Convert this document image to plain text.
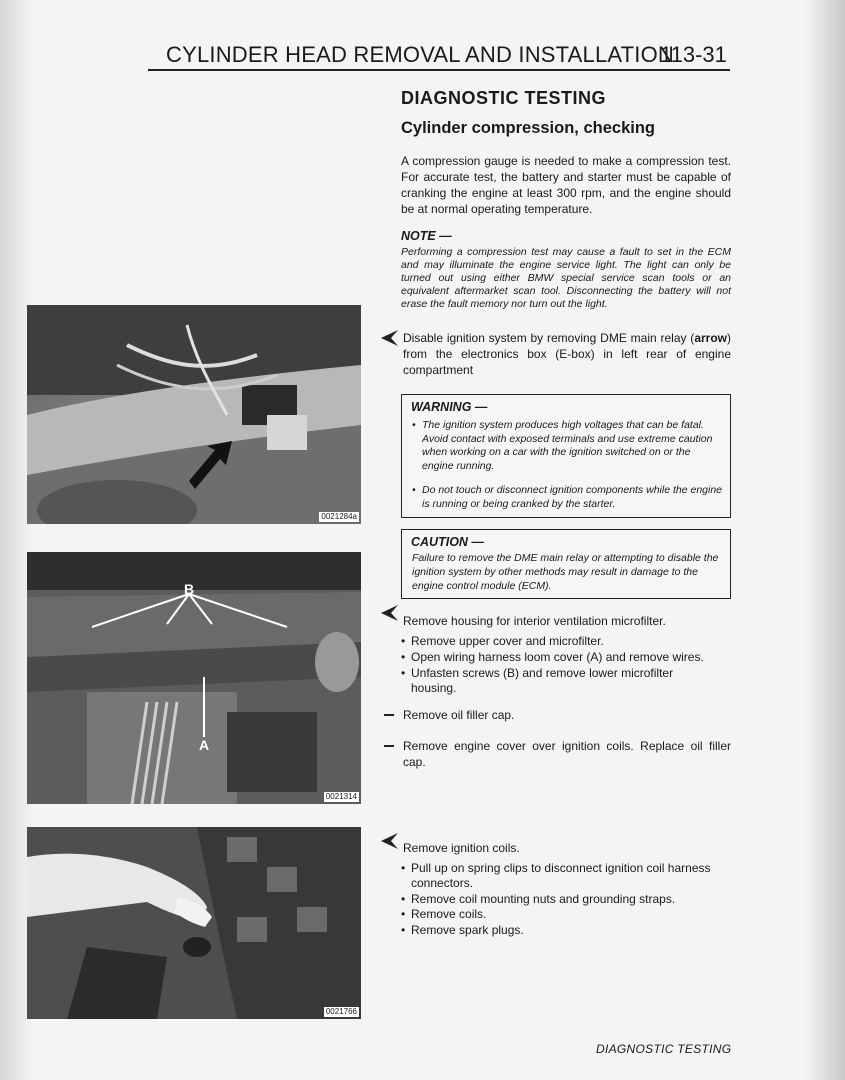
CYLINDER HEAD REMOVAL AND INSTALLATION
113-31
DIAGNOSTIC TESTING
Cylinder compression, checking
A compression gauge is needed to make a compression test. For accurate test, the battery and starter must be capable of cranking the engine at least 300 rpm, and the engine should be at normal operating temperature.
NOTE —
Performing a compression test may cause a fault to set in the ECM and may illuminate the engine service light. The light can only be turned out using either BMW special service scan tools or an equivalent aftermarket scan tool. Disconnecting the battery will not erase the fault memory nor turn out the light.
0021284a
Disable ignition system by removing DME main relay (arrow) from the electronics box (E-box) in left rear of engine compartment
WARNING —
• The ignition system produces high voltages that can be fatal. Avoid contact with exposed terminals and use extreme caution when working on a car with the ignition switched on or the engine running.
• Do not touch or disconnect ignition components while the engine is running or being cranked by the starter.
CAUTION —
Failure to remove the DME main relay or attempting to disable the ignition system by other methods may result in damage to the engine control module (ECM).
B
A
0021314
Remove housing for interior ventilation microfilter.
• Remove upper cover and microfilter.
• Open wiring harness loom cover (A) and remove wires.
• Unfasten screws (B) and remove lower microfilter housing.
Remove oil filler cap.
Remove engine cover over ignition coils. Replace oil filler cap.
0021766
Remove ignition coils.
• Pull up on spring clips to disconnect ignition coil harness connectors.
• Remove coil mounting nuts and grounding straps.
• Remove coils.
• Remove spark plugs.
DIAGNOSTIC TESTING
